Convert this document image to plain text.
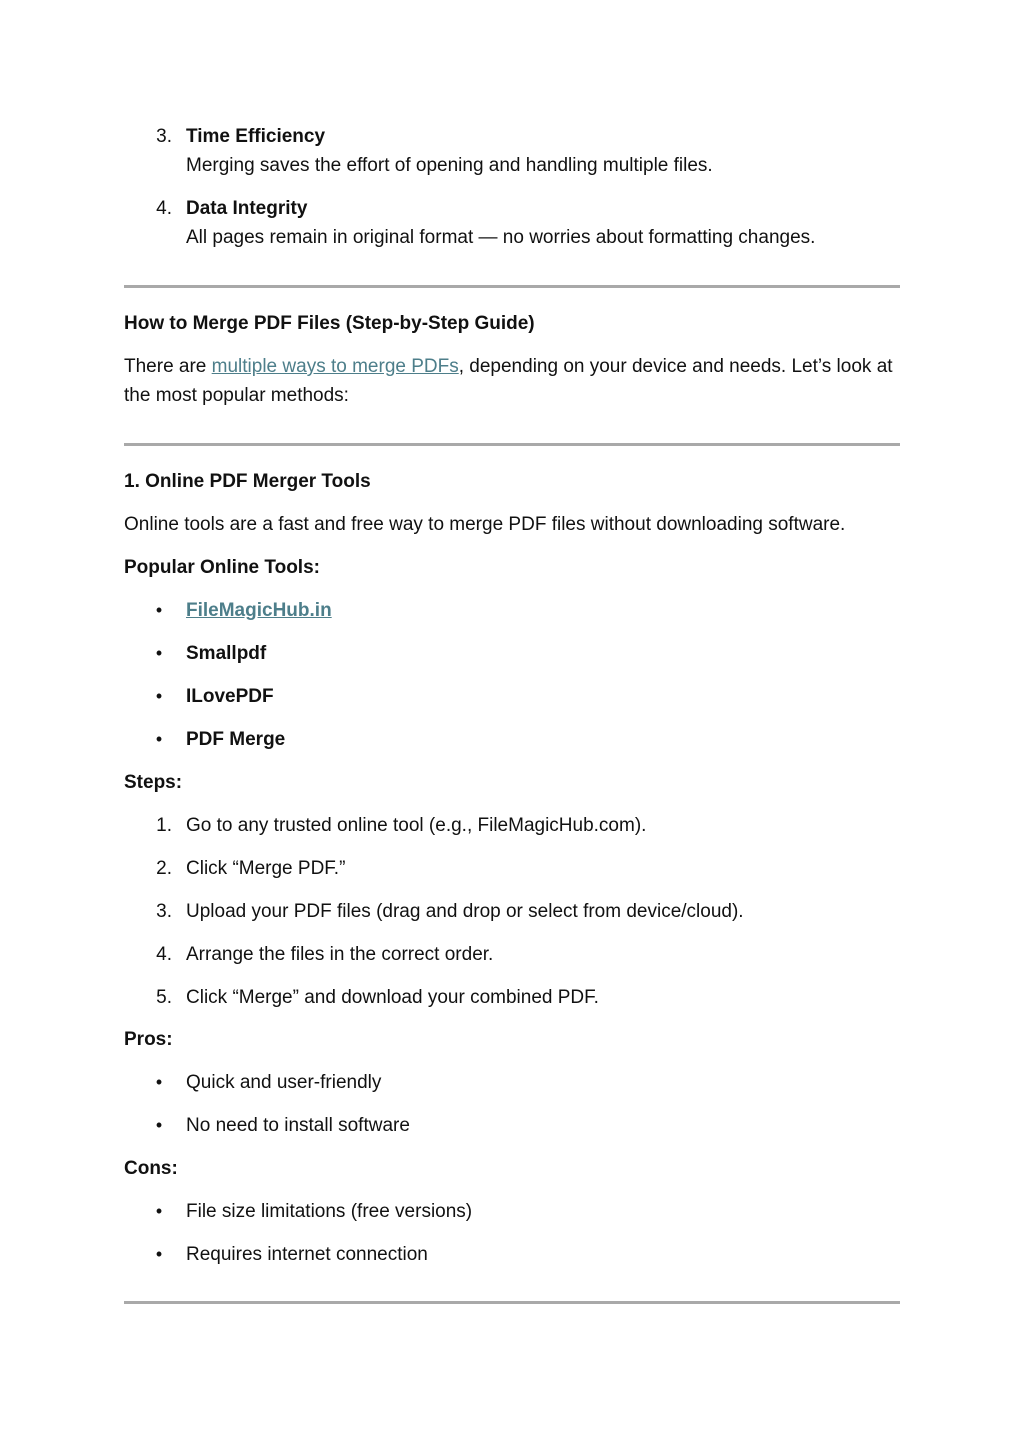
3. Time Efficiency
Merging saves the effort of opening and handling multiple files.

4. Data Integrity
All pages remain in original format — no worries about formatting changes.

How to Merge PDF Files (Step-by-Step Guide)

There are multiple ways to merge PDFs, depending on your device and needs. Let’s look at the most popular methods:

1. Online PDF Merger Tools

Online tools are a fast and free way to merge PDF files without downloading software.

Popular Online Tools:

• FileMagicHub.in
• Smallpdf
• ILovePDF
• PDF Merge

Steps:

1. Go to any trusted online tool (e.g., FileMagicHub.com).
2. Click “Merge PDF.”
3. Upload your PDF files (drag and drop or select from device/cloud).
4. Arrange the files in the correct order.
5. Click “Merge” and download your combined PDF.

Pros:

• Quick and user-friendly
• No need to install software

Cons:

• File size limitations (free versions)
• Requires internet connection
